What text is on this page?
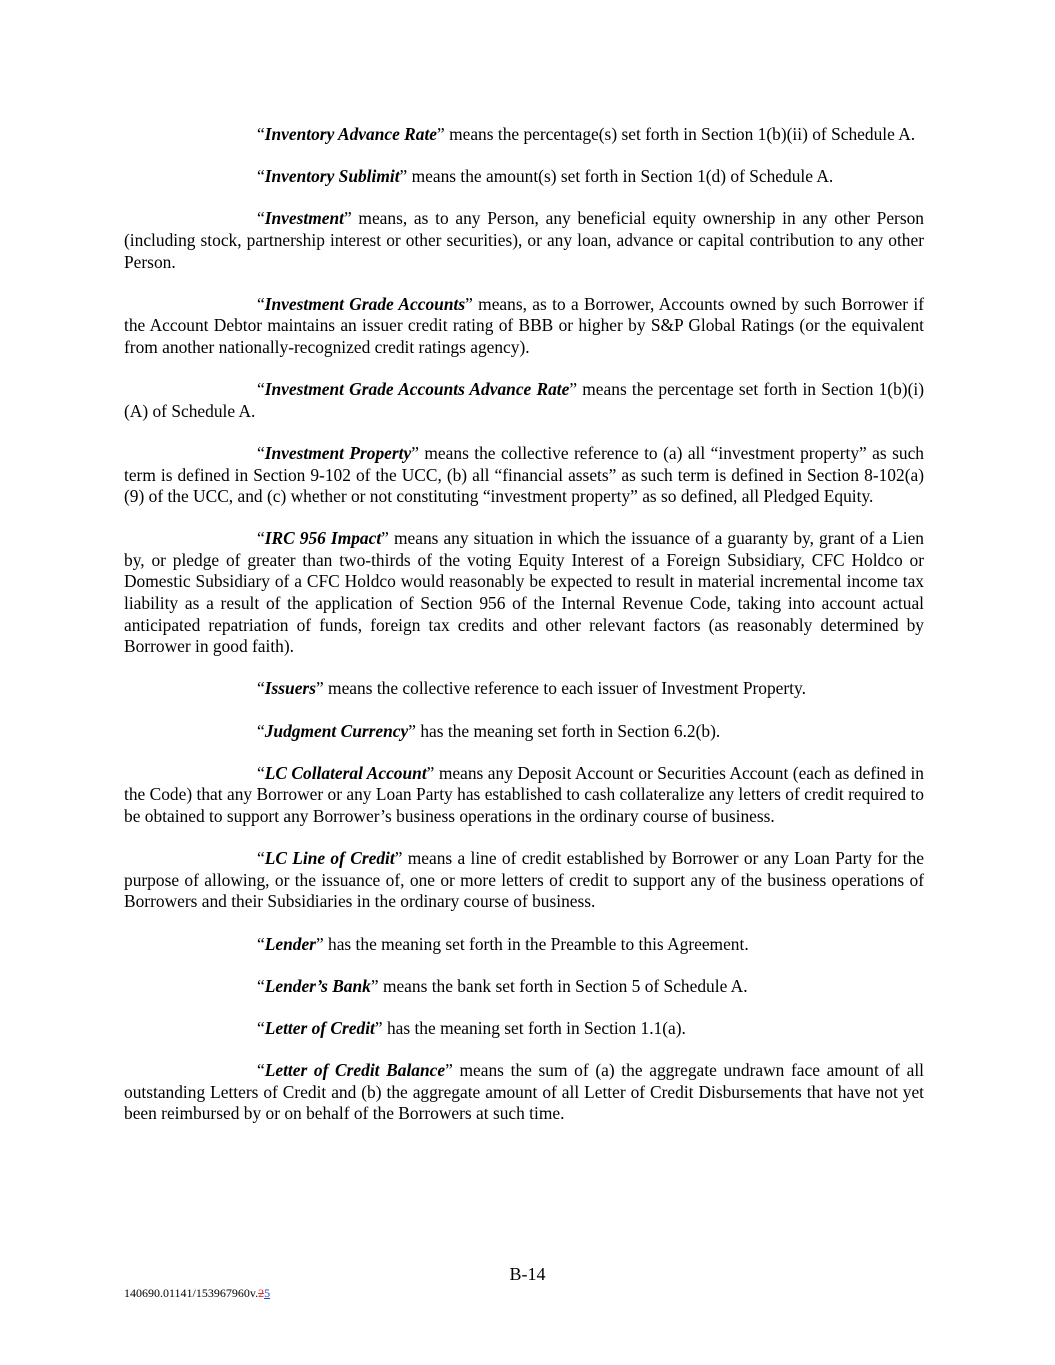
“Inventory Advance Rate” means the percentage(s) set forth in Section 1(b)(ii) of Schedule A.

“Inventory Sublimit” means the amount(s) set forth in Section 1(d) of Schedule A.

“Investment” means, as to any Person, any beneficial equity ownership in any other Person (including stock, partnership interest or other securities), or any loan, advance or capital contribution to any other Person.

“Investment Grade Accounts” means, as to a Borrower, Accounts owned by such Borrower if the Account Debtor maintains an issuer credit rating of BBB or higher by S&P Global Ratings (or the equivalent from another nationally-recognized credit ratings agency).

“Investment Grade Accounts Advance Rate” means the percentage set forth in Section 1(b)(i)(A) of Schedule A.

“Investment Property” means the collective reference to (a) all “investment property” as such term is defined in Section 9-102 of the UCC, (b) all “financial assets” as such term is defined in Section 8-102(a)(9) of the UCC, and (c) whether or not constituting “investment property” as so defined, all Pledged Equity.

“IRC 956 Impact” means any situation in which the issuance of a guaranty by, grant of a Lien by, or pledge of greater than two-thirds of the voting Equity Interest of a Foreign Subsidiary, CFC Holdco or Domestic Subsidiary of a CFC Holdco would reasonably be expected to result in material incremental income tax liability as a result of the application of Section 956 of the Internal Revenue Code, taking into account actual anticipated repatriation of funds, foreign tax credits and other relevant factors (as reasonably determined by Borrower in good faith).

“Issuers” means the collective reference to each issuer of Investment Property.

“Judgment Currency” has the meaning set forth in Section 6.2(b).

“LC Collateral Account” means any Deposit Account or Securities Account (each as defined in the Code) that any Borrower or any Loan Party has established to cash collateralize any letters of credit required to be obtained to support any Borrower’s business operations in the ordinary course of business.

“LC Line of Credit” means a line of credit established by Borrower or any Loan Party for the purpose of allowing, or the issuance of, one or more letters of credit to support any of the business operations of Borrowers and their Subsidiaries in the ordinary course of business.

“Lender” has the meaning set forth in the Preamble to this Agreement.

“Lender’s Bank” means the bank set forth in Section 5 of Schedule A.

“Letter of Credit” has the meaning set forth in Section 1.1(a).

“Letter of Credit Balance” means the sum of (a) the aggregate undrawn face amount of all outstanding Letters of Credit and (b) the aggregate amount of all Letter of Credit Disbursements that have not yet been reimbursed by or on behalf of the Borrowers at such time.

B-14
140690.01141/153967960v.25
